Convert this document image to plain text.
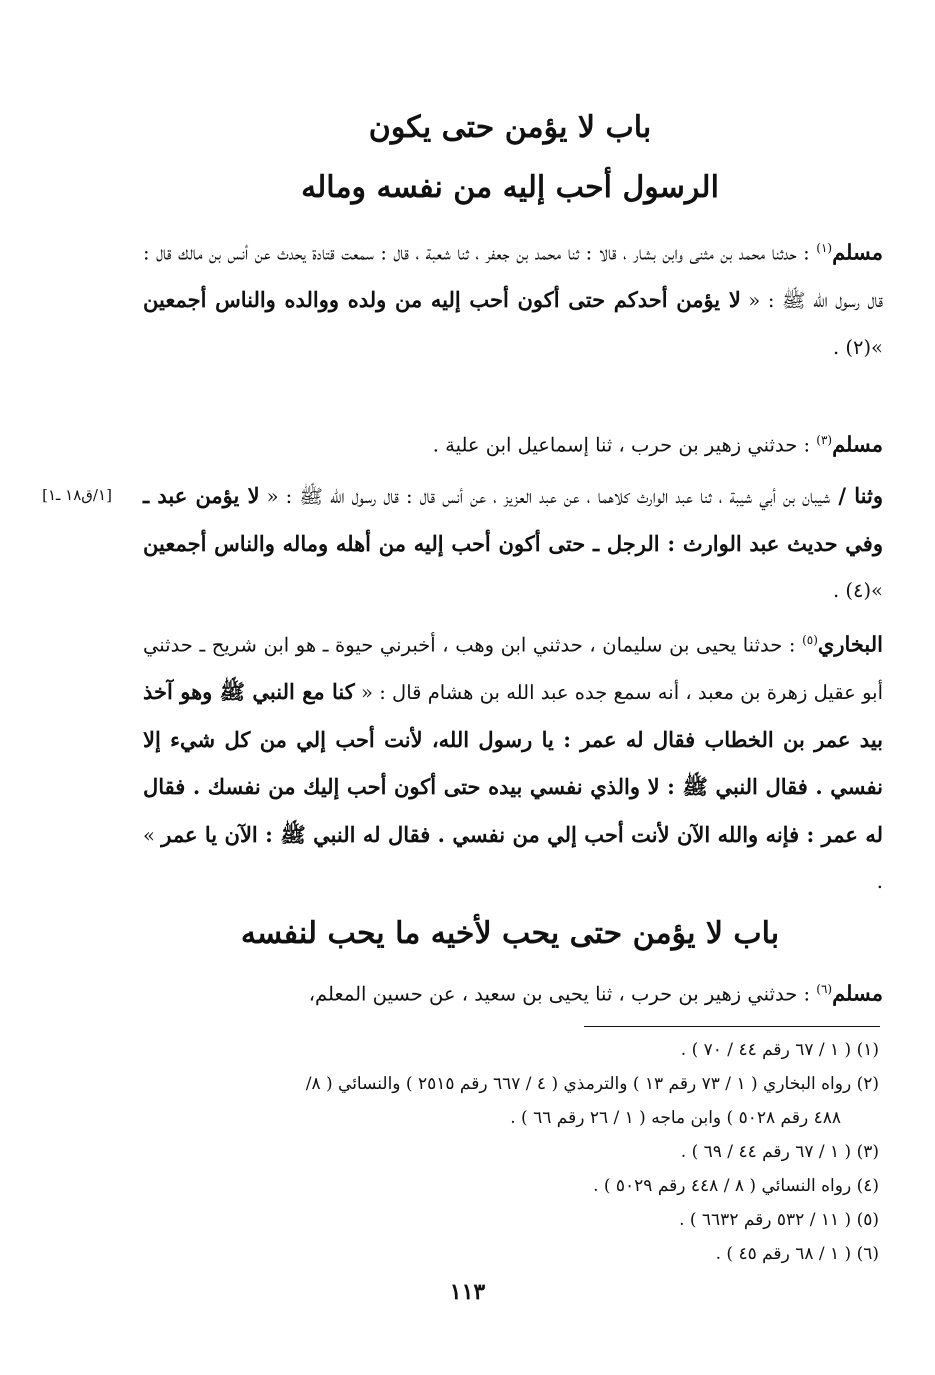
باب لا يؤمن حتى يكون
الرسول أحب إليه من نفسه وماله
مسلم$^{(١)}$ : حدثنا محمد بن مثنى وابن بشار ، قالا : ثنا محمد بن جعفر ، ثنا شعبة ، قال : سمعت قتادة يحدث عن أنس بن مالك قال : قال رسول الله ﷺ : « لا يؤمن أحدكم حتى أكون أحب إليه من ولده ووالده والناس أجمعين »(٢) .
مسلم$^{(٣)}$ : حدثني زهير بن حرب ، ثنا إسماعيل ابن علية .
وثنا / شيبان بن أبي شيبة ، ثنا عبد الوارث كلاهما ، عن عبد العزيز ، عن أنس قال : قال رسول الله ﷺ : « لا يؤمن عبد ـ وفي حديث عبد الوارث : الرجل ـ حتى أكون أحب إليه من أهله وماله والناس أجمعين »(٤) .
[١/ق١٨ ـ١]
البخاري$^{(٥)}$ : حدثنا يحيى بن سليمان ، حدثني ابن وهب ، أخبرني حيوة ـ هو ابن شريح ـ حدثني أبو عقيل زهرة بن معبد ، أنه سمع جده عبد الله بن هشام قال : « كنا مع النبي ﷺ وهو آخذ بيد عمر بن الخطاب فقال له عمر : يا رسول الله، لأنت أحب إلي من كل شيء إلا نفسي . فقال النبي ﷺ : لا والذي نفسي بيده حتى أكون أحب إليك من نفسك . فقال له عمر : فإنه والله الآن لأنت أحب إلي من نفسي . فقال له النبي ﷺ : الآن يا عمر » .
باب لا يؤمن حتى يحب لأخيه ما يحب لنفسه
مسلم$^{(٦)}$ : حدثني زهير بن حرب ، ثنا يحيى بن سعيد ، عن حسين المعلم،
(١) ( ١ / ٦٧ رقم ٤٤ / ٧٠ ) .
(٢) رواه البخاري ( ١ / ٧٣ رقم ١٣ ) والترمذي ( ٤ / ٦٦٧ رقم ٢٥١٥ ) والنسائي ( ٨/
٤٨٨ رقم ٥٠٢٨ ) وابن ماجه ( ١ / ٢٦ رقم ٦٦ ) .
(٣) ( ١ / ٦٧ رقم ٤٤ / ٦٩ ) .
(٤) رواه النسائي ( ٨ / ٤٤٨ رقم ٥٠٢٩ ) .
(٥) ( ١١ / ٥٣٢ رقم ٦٦٣٢ ) .
(٦) ( ١ / ٦٨ رقم ٤٥ ) .
١١٣
